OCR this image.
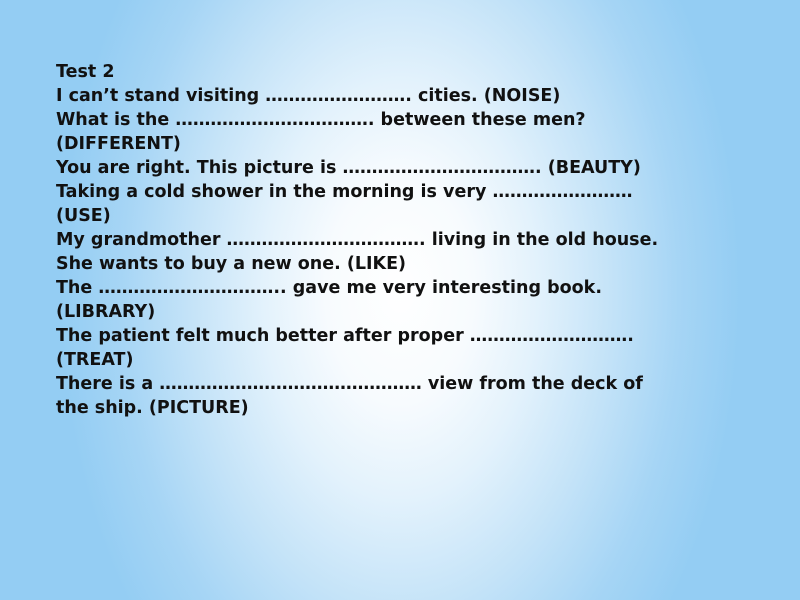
Test 2

I can’t stand visiting ……………………. cities. (NOISE)

What is the ……………………………. between these men?

(DIFFERENT)

You are right. This picture is ……………………………. (BEAUTY)

Taking a cold shower in the morning is very ……………………

(USE)

My grandmother ……………………………. living in the old house.

She wants to buy a new one. (LIKE)

The ………………………….. gave me very interesting book.

(LIBRARY)

The patient felt much better after proper ……………………….

(TREAT)

There is a ……………………………………… view from the deck of

the ship. (PICTURE)
